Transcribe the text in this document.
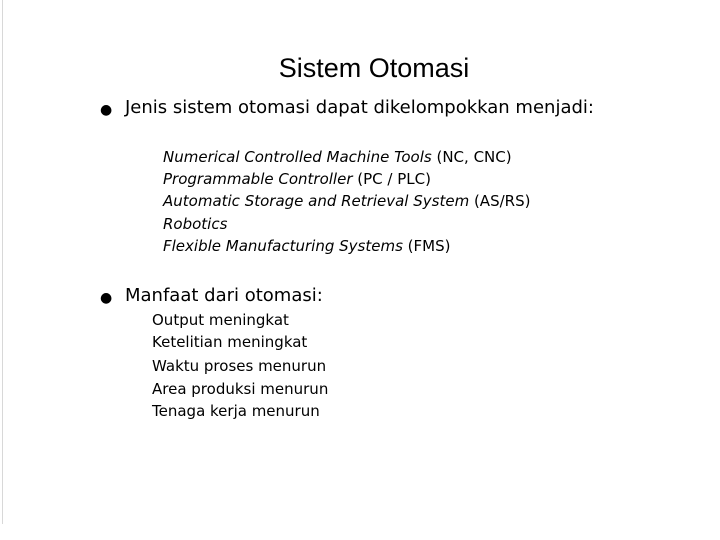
Sistem Otomasi
●
Jenis sistem otomasi dapat dikelompokkan menjadi:
Numerical Controlled Machine Tools (NC, CNC)
Programmable Controller (PC / PLC)
Automatic Storage and Retrieval System (AS/RS)
Robotics
Flexible Manufacturing Systems (FMS)
●
Manfaat dari otomasi:
Output meningkat
Ketelitian meningkat
Waktu proses menurun
Area produksi menurun
Tenaga kerja menurun
